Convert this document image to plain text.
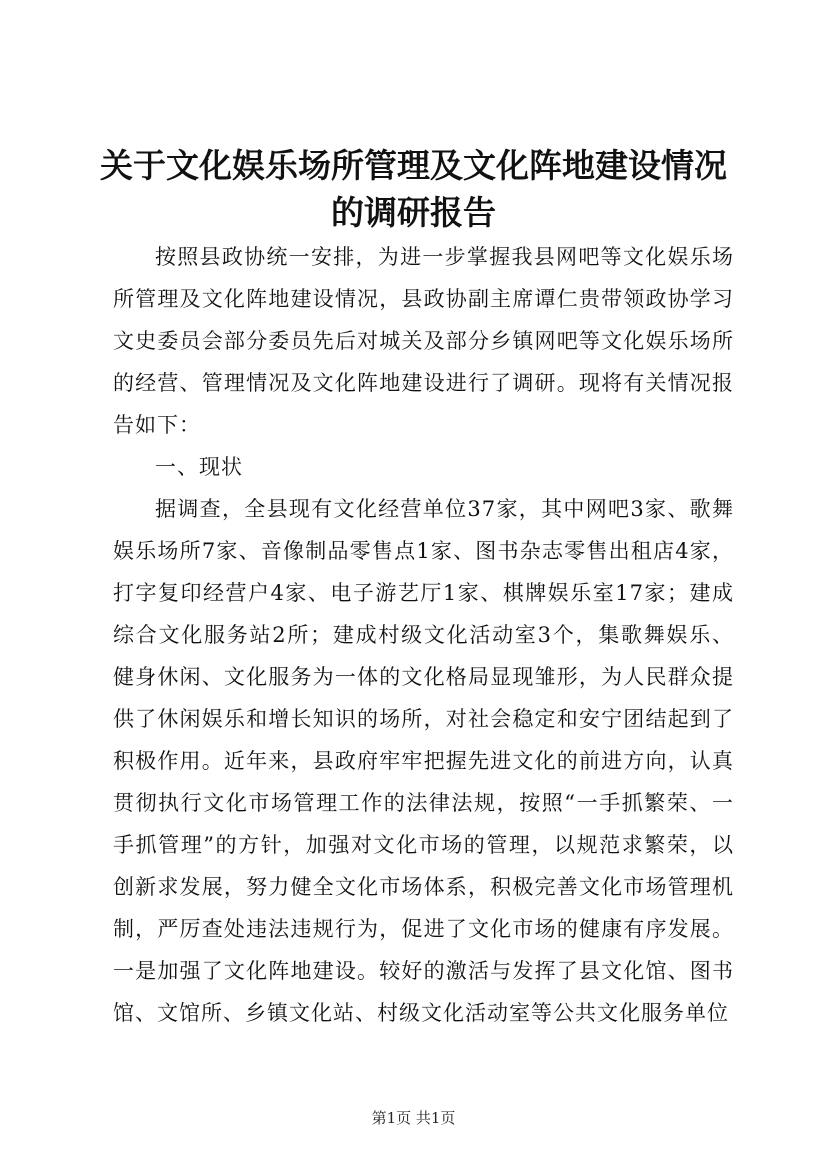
关于文化娱乐场所管理及文化阵地建设情况的调研报告

按照县政协统一安排，为进一步掌握我县网吧等文化娱乐场所管理及文化阵地建设情况，县政协副主席谭仁贵带领政协学习文史委员会部分委员先后对城关及部分乡镇网吧等文化娱乐场所的经营、管理情况及文化阵地建设进行了调研。现将有关情况报告如下：

一、现状

据调查，全县现有文化经营单位37家，其中网吧3家、歌舞娱乐场所7家、音像制品零售点1家、图书杂志零售出租店4家，打字复印经营户4家、电子游艺厅1家、棋牌娱乐室17家；建成综合文化服务站2所；建成村级文化活动室3个，集歌舞娱乐、健身休闲、文化服务为一体的文化格局显现雏形，为人民群众提供了休闲娱乐和增长知识的场所，对社会稳定和安宁团结起到了积极作用。近年来，县政府牢牢把握先进文化的前进方向，认真贯彻执行文化市场管理工作的法律法规，按照“一手抓繁荣、一手抓管理”的方针，加强对文化市场的管理，以规范求繁荣，以创新求发展，努力健全文化市场体系，积极完善文化市场管理机制，严厉查处违法违规行为，促进了文化市场的健康有序发展。一是加强了文化阵地建设。较好的激活与发挥了县文化馆、图书馆、文馆所、乡镇文化站、村级文化活动室等公共文化服务单位

第1页 共1页
